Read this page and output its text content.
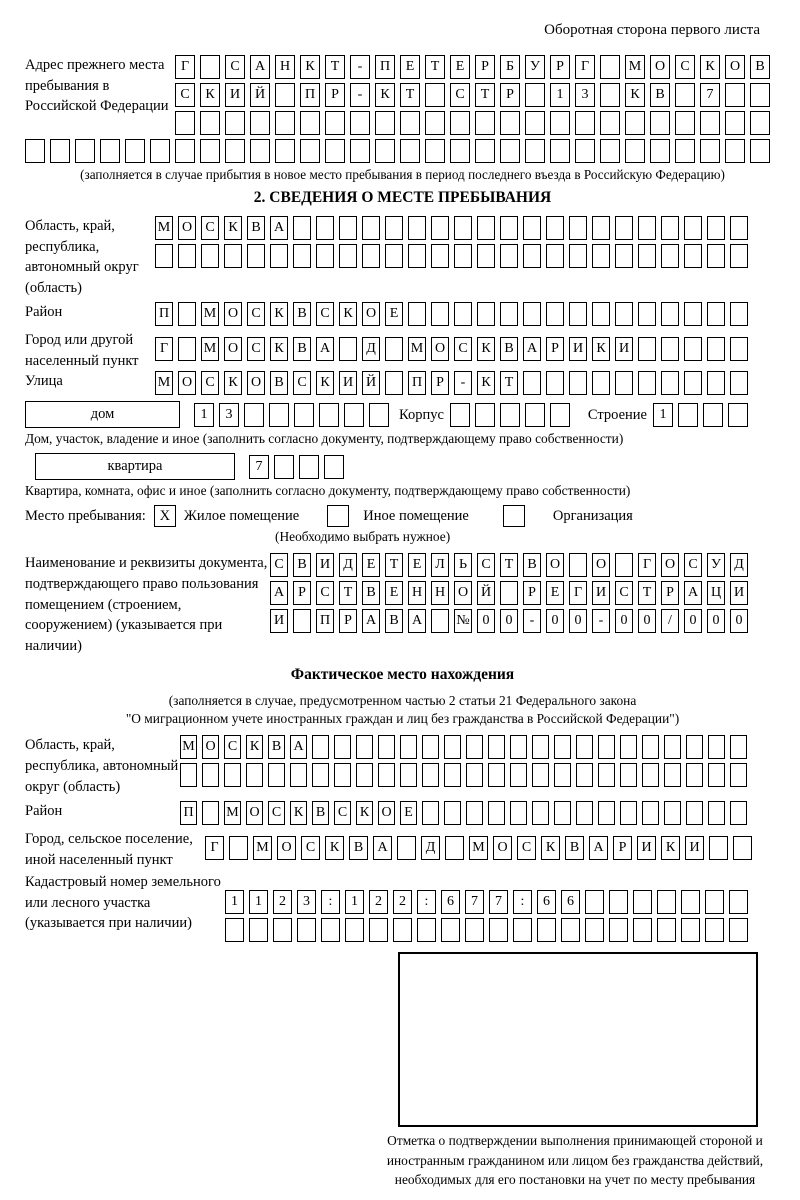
Оборотная сторона первого листа
Адрес прежнего места пребывания в Российской Федерации
Г	С	А	Н	К	Т	-	П	Е	Т	Е	Р	Б	У	Р	Г	М О	С	К	О	В
С	К	И	Й	П	Р	-	К	Т	С	Т	Р	1	3	К	В	7
(заполняется в случае прибытия в новое место пребывания в период последнего въезда в Российскую Федерацию)
2. СВЕДЕНИЯ О МЕСТЕ ПРЕБЫВАНИЯ
Область, край, республика, автономный округ (область)
М О С К В А
Район	П М О С К В С К О Е
Город или другой населенный пункт
Г	М О С К В А	Д	М О С К В А	Р	И К И
Улица	М О С К О В С К И Й	П	Р	-	К	Т
дом	1	3	Корпус	Строение 1
Дом, участок, владение и иное (заполнить согласно документу, подтверждающему право собственности)
квартира	7
Квартира, комната, офис и иное (заполнить согласно документу, подтверждающему право собственности)
Место пребывания: X Жилое помещение	Иное помещение	Организация
(Необходимо выбрать нужное)
Наименование и реквизиты документа, подтверждающего право пользования помещением (строением, сооружением) (указывается при наличии)
С В И Д Е	Т	Е Л	Ь	С	Т	В О	О	Г О С У Д
А	Р	С	Т	В	Е Н Н О Й	Р	Е	Г И С	Т	Р	А Ц И
И	П	Р	А В А № 0	0	-	0	0	-	0	0	/	0	0	0
Фактическое место нахождения
(заполняется в случае, предусмотренном частью 2 статьи 21 Федерального закона
"О миграционном учете иностранных граждан и лиц без гражданства в Российской Федерации")
Область, край, республика, автономный округ (область)
М О С К В А
Район	П М О С К В С К О Е
Город, сельское поселение, иной населенный пункт
Г	М О	С	К	В	А	Д	М О	С	К	В	А	Р	И	К	И
Кадастровый номер земельного или лесного участка (указывается при наличии)
1	1	2	3	:	1	2	2	:	6	7	7	:	6	6
Отметка о подтверждении выполнения принимающей стороной и иностранным гражданином или лицом без гражданства действий, необходимых для его постановки на учет по месту пребывания
